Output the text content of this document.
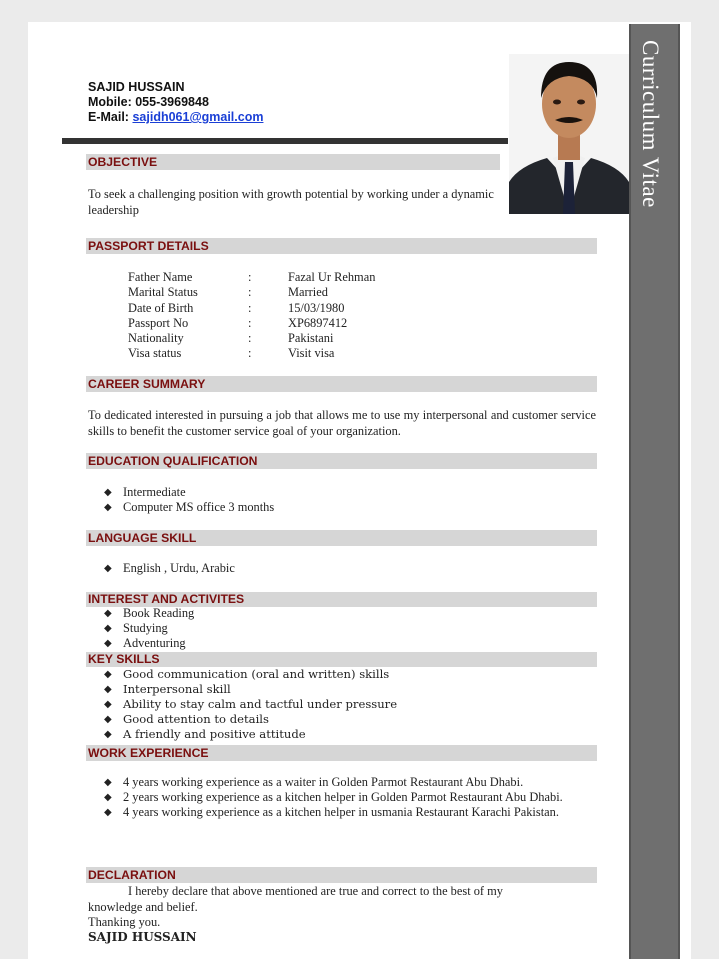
Curriculum Vitae
SAJID HUSSAIN
Mobile: 055-3969848
E-Mail: sajidh061@gmail.com
OBJECTIVE
To seek a challenging position with growth potential by working under a dynamic leadership
PASSPORT DETAILS
Father Name
Marital Status
Date of Birth
Passport No
Nationality
Visa status
:
:
:
:
:
:
Fazal Ur Rehman
Married
15/03/1980
XP6897412
Pakistani
Visit visa
CAREER SUMMARY
To dedicated interested in pursuing a job that allows me to use my interpersonal and customer service skills to benefit the customer service goal of your organization.
EDUCATION QUALIFICATION
◆ Intermediate
◆ Computer MS office 3 months
LANGUAGE SKILL
◆ English , Urdu, Arabic
INTEREST AND ACTIVITES
◆ Book Reading
◆ Studying
◆ Adventuring
KEY SKILLS
◆ Good communication (oral and written) skills
◆ Interpersonal skill
◆ Ability to stay calm and tactful under pressure
◆ Good attention to details
◆ A friendly and positive attitude
WORK EXPERIENCE
◆ 4 years working experience as a waiter in Golden Parmot Restaurant Abu Dhabi.
◆ 2 years working experience as a kitchen helper in Golden Parmot Restaurant Abu Dhabi.
◆ 4 years working experience as a kitchen helper in usmania Restaurant Karachi Pakistan.
DECLARATION
I hereby declare that above mentioned are true and correct to the best of my knowledge and belief.
Thanking you.
SAJID HUSSAIN
